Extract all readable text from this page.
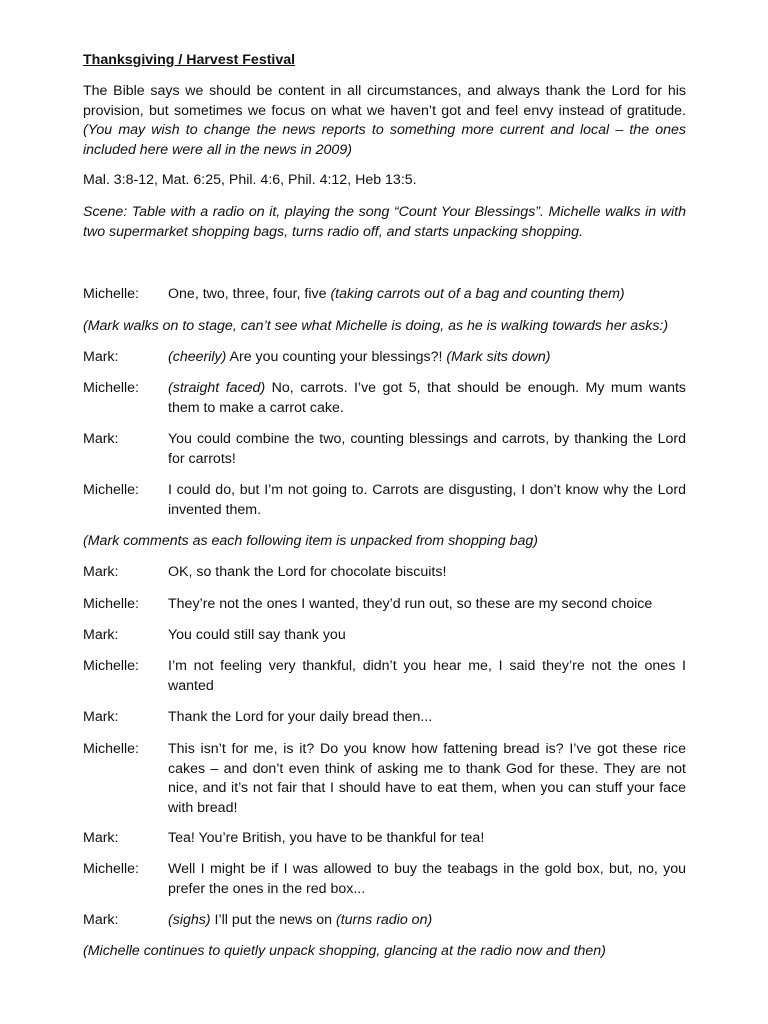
Thanksgiving / Harvest Festival
The Bible says we should be content in all circumstances, and always thank the Lord for his provision, but sometimes we focus on what we haven’t got and feel envy instead of gratitude. (You may wish to change the news reports to something more current and local – the ones included here were all in the news in 2009)
Mal. 3:8-12, Mat. 6:25, Phil. 4:6, Phil. 4:12, Heb 13:5.
Scene: Table with a radio on it, playing the song “Count Your Blessings”. Michelle walks in with two supermarket shopping bags, turns radio off, and starts unpacking shopping.
Michelle:	One, two, three, four, five (taking carrots out of a bag and counting them)
(Mark walks on to stage, can’t see what Michelle is doing, as he is walking towards her asks:)
Mark:	(cheerily) Are you counting your blessings?! (Mark sits down)
Michelle:	(straight faced) No, carrots. I’ve got 5, that should be enough. My mum wants them to make a carrot cake.
Mark:	You could combine the two, counting blessings and carrots, by thanking the Lord for carrots!
Michelle:	I could do, but I’m not going to. Carrots are disgusting, I don’t know why the Lord invented them.
(Mark comments as each following item is unpacked from shopping bag)
Mark:	OK, so thank the Lord for chocolate biscuits!
Michelle:	They’re not the ones I wanted, they’d run out, so these are my second choice
Mark:	You could still say thank you
Michelle:	I’m not feeling very thankful, didn’t you hear me, I said they’re not the ones I wanted
Mark:	Thank the Lord for your daily bread then...
Michelle:	This isn’t for me, is it? Do you know how fattening bread is? I’ve got these rice cakes – and don’t even think of asking me to thank God for these. They are not nice, and it’s not fair that I should have to eat them, when you can stuff your face with bread!
Mark:	Tea! You’re British, you have to be thankful for tea!
Michelle:	Well I might be if I was allowed to buy the teabags in the gold box, but, no, you prefer the ones in the red box...
Mark:	(sighs) I’ll put the news on (turns radio on)
(Michelle continues to quietly unpack shopping, glancing at the radio now and then)
